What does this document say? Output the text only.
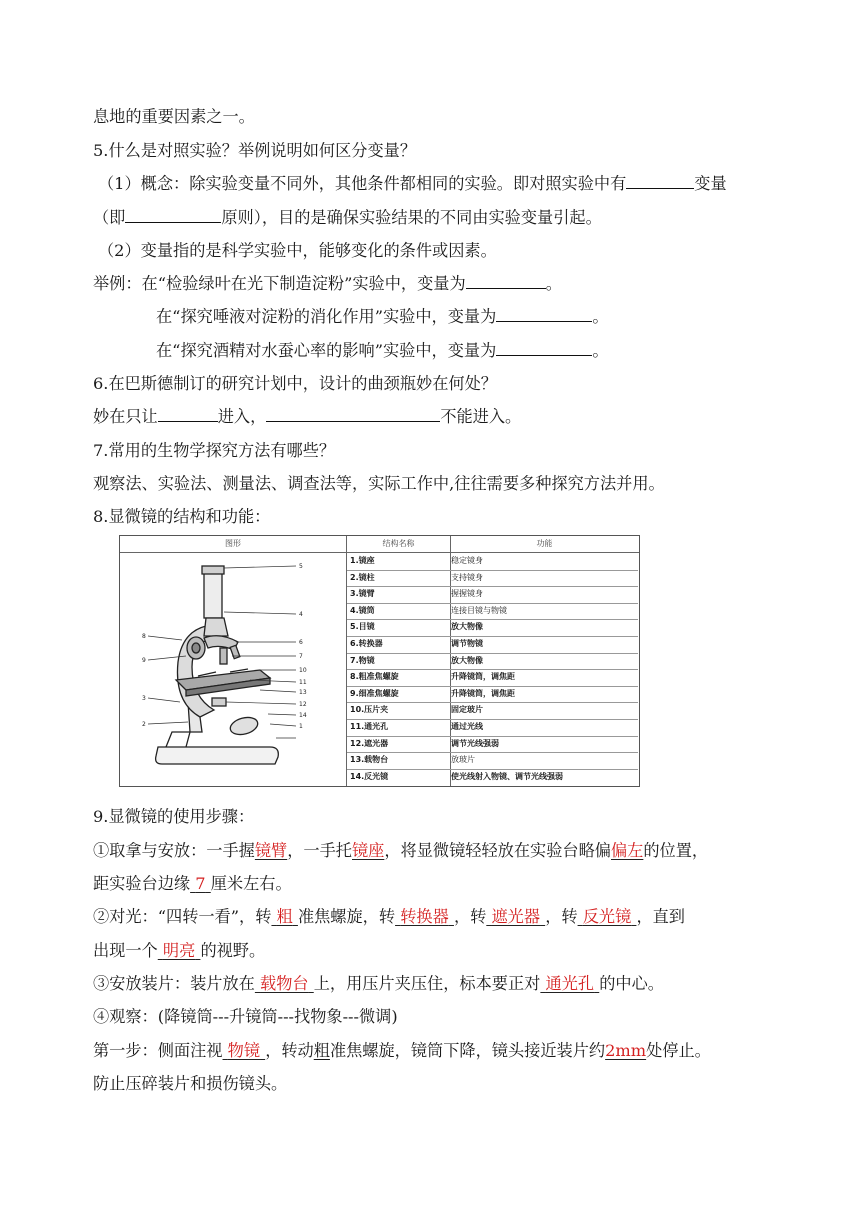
息地的重要因素之一。
5.什么是对照实验？举例说明如何区分变量？
（1）概念：除实验变量不同外，其他条件都相同的实验。即对照实验中有	变量
（即	原则），目的是确保实验结果的不同由实验变量引起。
（2）变量指的是科学实验中，能够变化的条件或因素。
举例：在“检验绿叶在光下制造淀粉”实验中，变量为	。
在“探究唾液对淀粉的消化作用”实验中，变量为	。
在“探究酒精对水蚕心率的影响”实验中，变量为	。
6.在巴斯德制订的研究计划中，设计的曲颈瓶妙在何处？
妙在只让	进入，	不能进入。
7.常用的生物学探究方法有哪些？
观察法、实验法、测量法、调查法等，实际工作中,往往需要多种探究方法并用。
8.显微镜的结构和功能：
图形	结构名称	功能
5
4
6
7
10
11
13
12
14
1
8
9
3
2
1.镜座	稳定镜身
2.镜柱	支持镜身
3.镜臂	握握镜身
4.镜筒	连接目镜与物镜
5.目镜	放大物像
6.转换器	调节物镜
7.物镜	放大物像
8.粗准焦螺旋	升降镜筒，调焦距
9.细准焦螺旋	升降镜筒，调焦距
10.压片夹	固定玻片
11.通光孔	通过光线
12.遮光器	调节光线强弱
13.载物台	放玻片
14.反光镜	使光线射入物镜、调节光线强弱
9.显微镜的使用步骤：
①取拿与安放：一手握镜臂，一手托镜座，将显微镜轻轻放在实验台略偏偏左的位置，
距实验台边缘 7 厘米左右。
②对光：“四转一看”，转 粗 准焦螺旋，转 转换器 ，转 遮光器 ，转 反光镜 ，直到
出现一个 明亮 的视野。
③安放装片：装片放在 载物台 上，用压片夹压住，标本要正对 通光孔 的中心。
④观察：(降镜筒---升镜筒---找物象---微调)
第一步：侧面注视 物镜 ，转动粗准焦螺旋，镜筒下降，镜头接近装片约2mm处停止。
防止压碎装片和损伤镜头。
